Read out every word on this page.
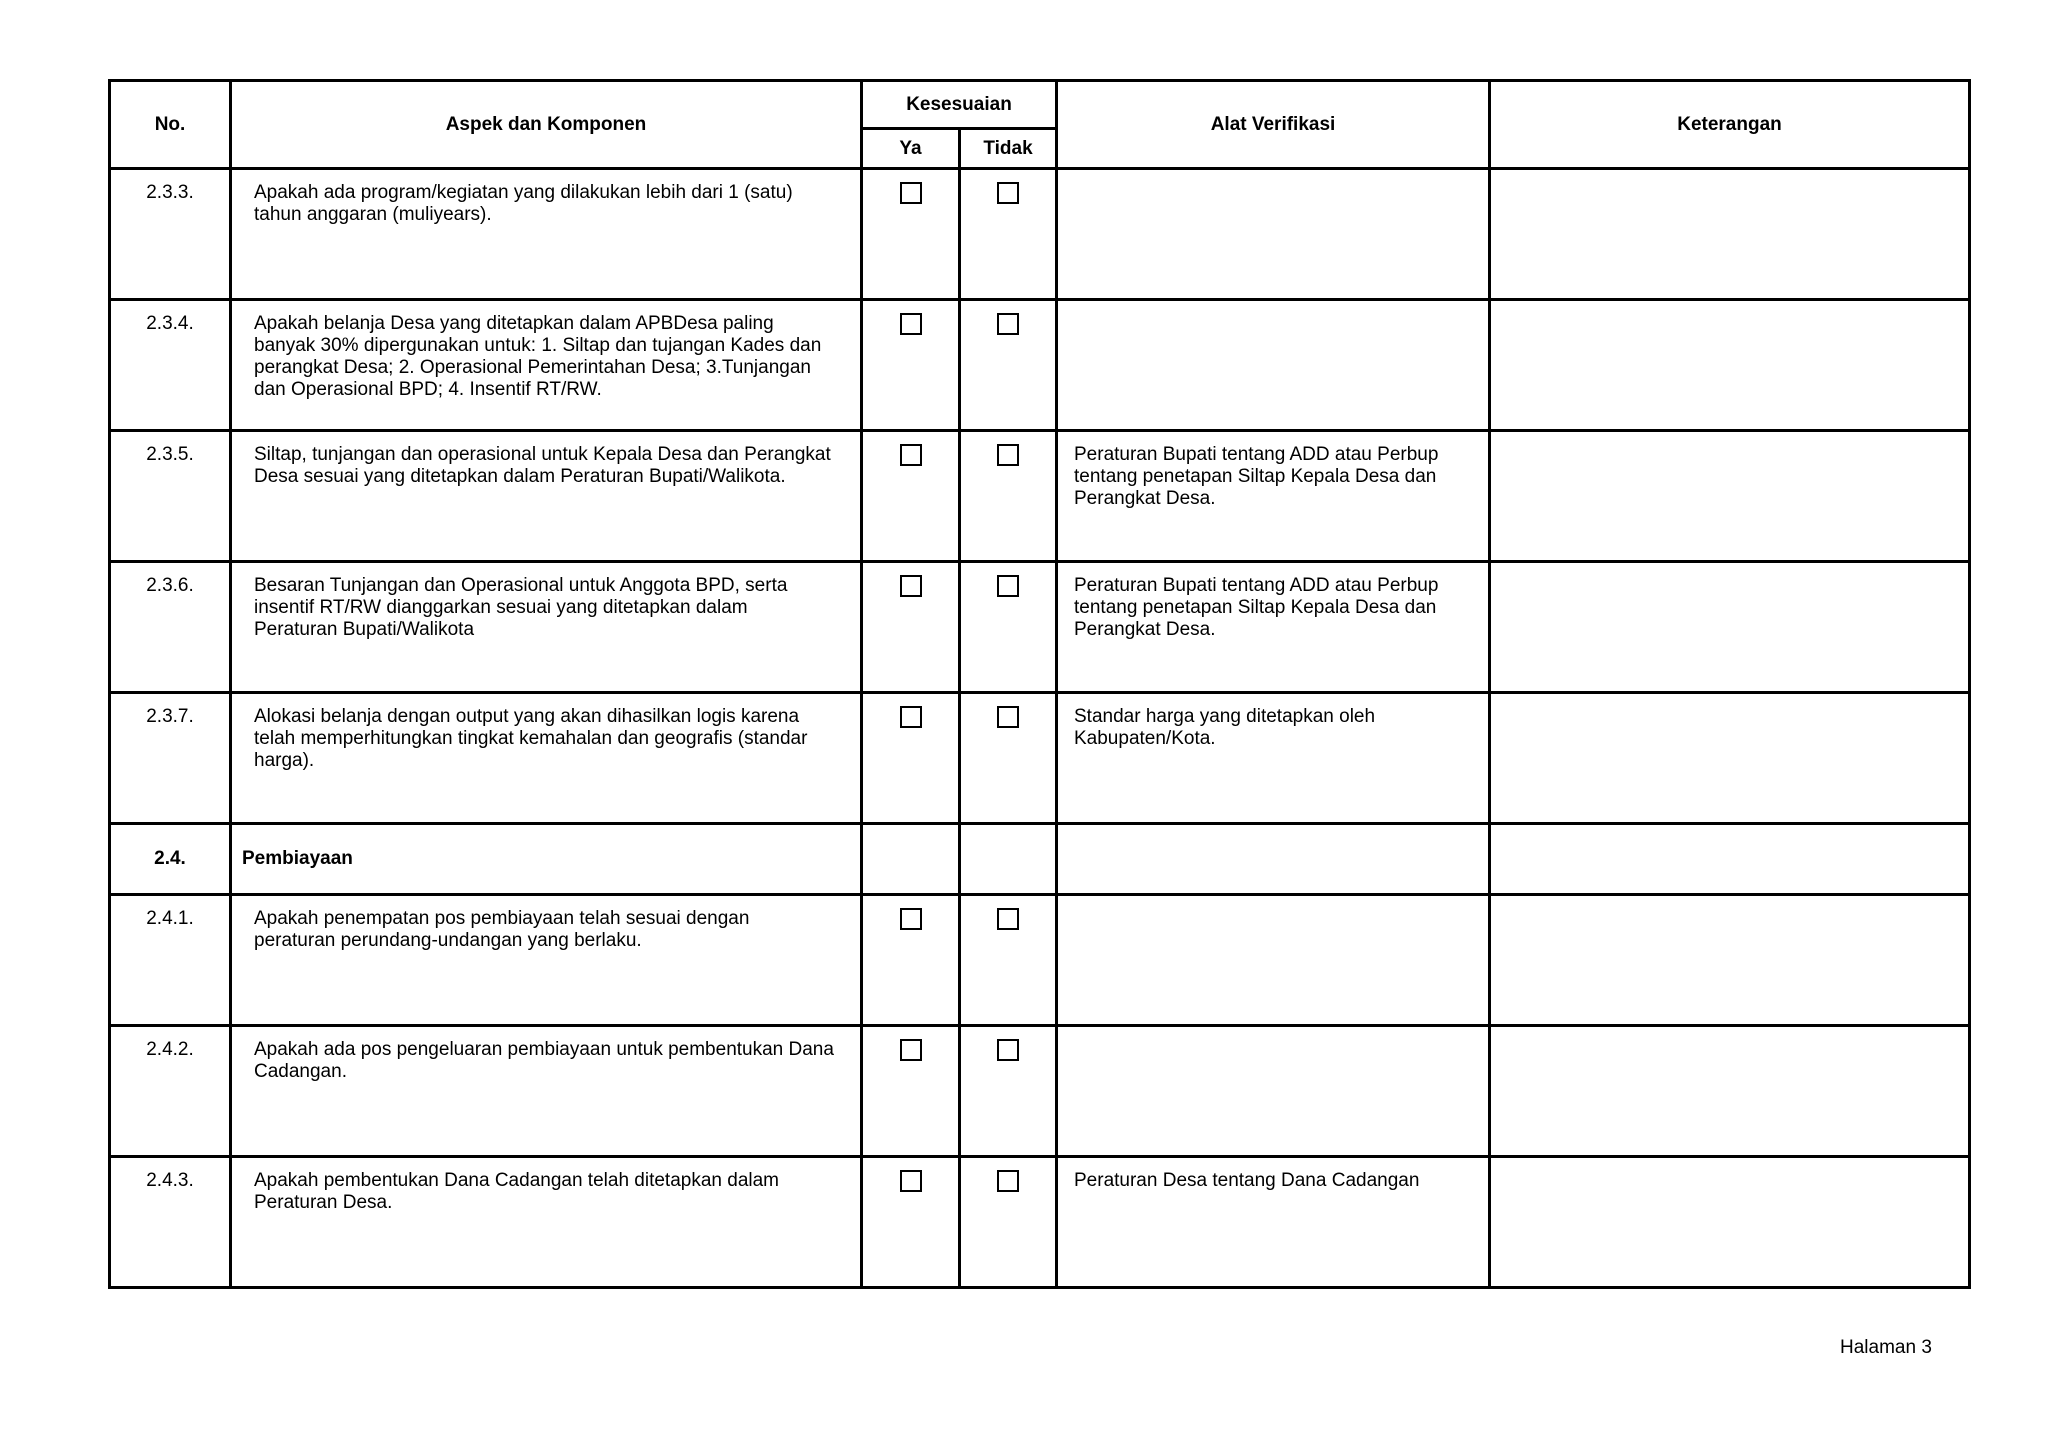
No.	Aspek dan Komponen	Kesesuaian		Alat Verifikasi	Keterangan
		Ya	Tidak		
2.3.3.	Apakah ada program/kegiatan yang dilakukan lebih dari 1 (satu) tahun anggaran (muliyears).				
2.3.4.	Apakah belanja Desa yang ditetapkan dalam APBDesa paling banyak 30% dipergunakan untuk: 1. Siltap dan tujangan Kades dan perangkat Desa; 2. Operasional Pemerintahan Desa; 3.Tunjangan dan Operasional BPD; 4. Insentif RT/RW.				
2.3.5.	Siltap, tunjangan dan operasional untuk Kepala Desa dan Perangkat Desa sesuai yang ditetapkan dalam Peraturan Bupati/Walikota.			Peraturan Bupati tentang ADD atau Perbup tentang penetapan Siltap Kepala Desa dan Perangkat Desa.	
2.3.6.	Besaran Tunjangan dan Operasional untuk Anggota BPD, serta insentif RT/RW dianggarkan sesuai yang ditetapkan dalam Peraturan Bupati/Walikota			Peraturan Bupati tentang ADD atau Perbup tentang penetapan Siltap Kepala Desa dan Perangkat Desa.	
2.3.7.	Alokasi belanja dengan output yang akan dihasilkan logis karena telah memperhitungkan tingkat kemahalan dan geografis (standar harga).			Standar harga yang ditetapkan oleh Kabupaten/Kota.	
2.4.	Pembiayaan				
2.4.1.	Apakah penempatan pos pembiayaan telah sesuai dengan peraturan perundang-undangan yang berlaku.				
2.4.2.	Apakah ada pos pengeluaran pembiayaan untuk pembentukan Dana Cadangan.				
2.4.3.	Apakah pembentukan Dana Cadangan telah ditetapkan dalam Peraturan Desa.			Peraturan Desa tentang Dana Cadangan	
Halaman 3
